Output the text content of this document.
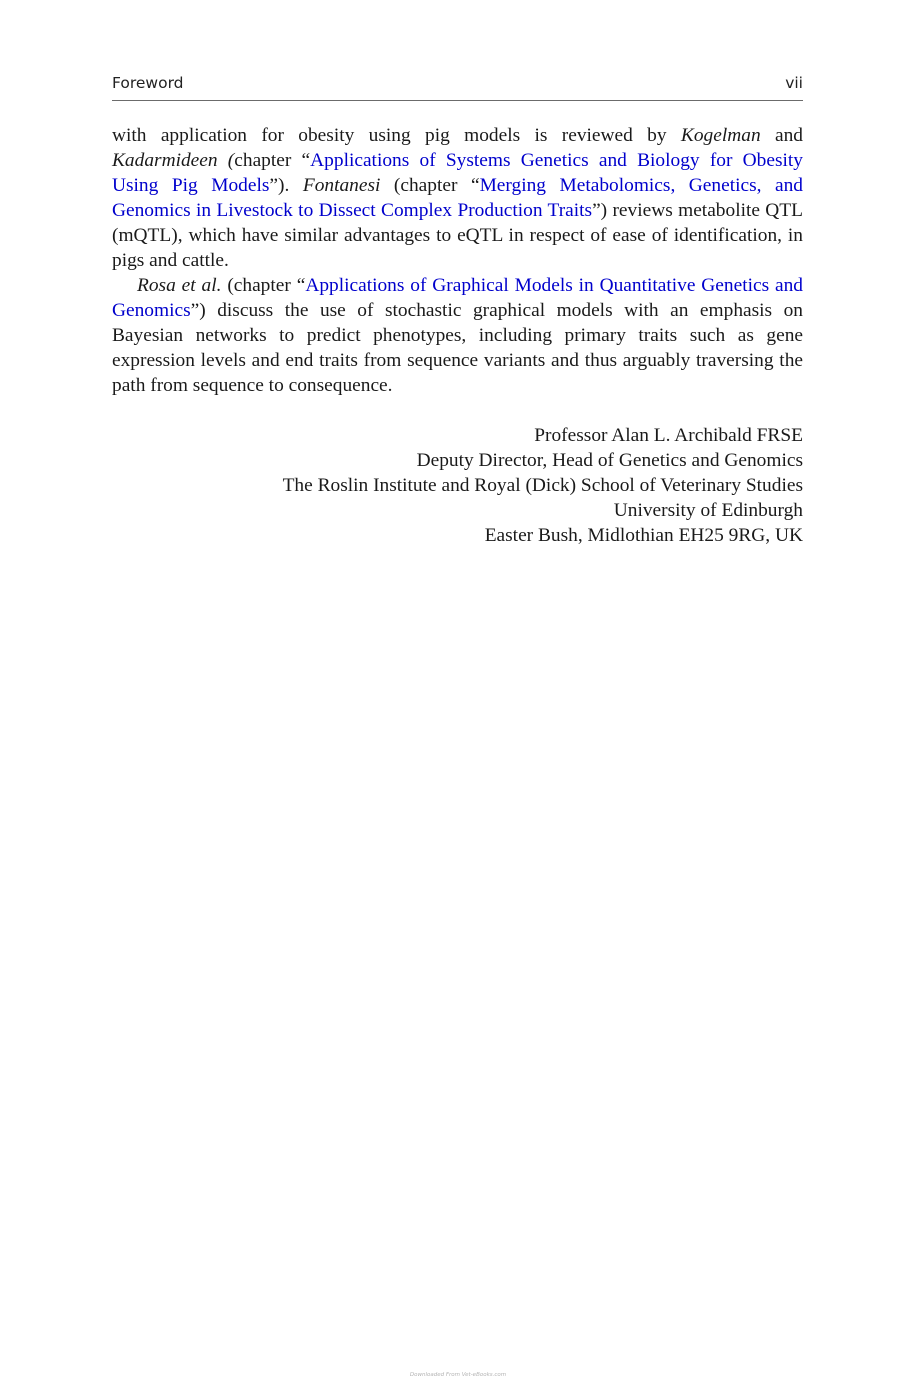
Foreword	vii

with application for obesity using pig models is reviewed by Kogelman and Kadarmideen (chapter “Applications of Systems Genetics and Biology for Obesity Using Pig Models”). Fontanesi (chapter “Merging Metabolomics, Genetics, and Genomics in Livestock to Dissect Complex Production Traits”) reviews metabolite QTL (mQTL), which have similar advantages to eQTL in respect of ease of identification, in pigs and cattle.

Rosa et al. (chapter “Applications of Graphical Models in Quantitative Genetics and Genomics”) discuss the use of stochastic graphical models with an emphasis on Bayesian networks to predict phenotypes, including primary traits such as gene expression levels and end traits from sequence variants and thus arguably traversing the path from sequence to consequence.

Professor Alan L. Archibald FRSE
Deputy Director, Head of Genetics and Genomics
The Roslin Institute and Royal (Dick) School of Veterinary Studies
University of Edinburgh
Easter Bush, Midlothian EH25 9RG, UK
Downloaded From Vet-eBooks.com
